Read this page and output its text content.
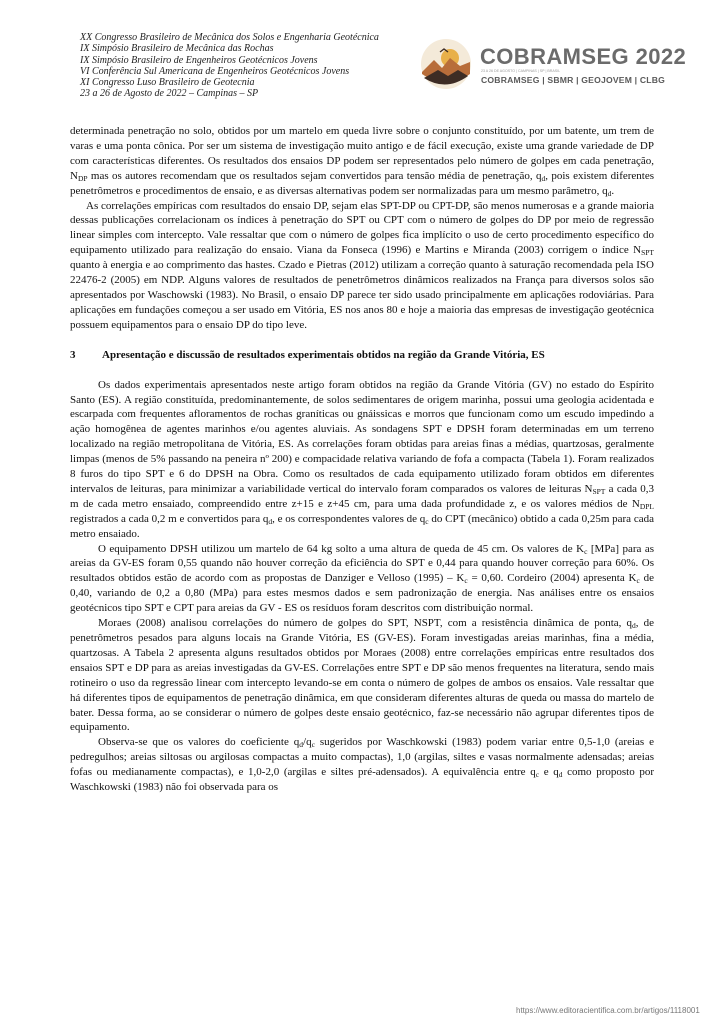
XX Congresso Brasileiro de Mecânica dos Solos e Engenharia Geotécnica
IX Simpósio Brasileiro de Mecânica das Rochas
IX Simpósio Brasileiro de Engenheiros Geotécnicos Jovens
VI Conferência Sul Americana de Engenheiros Geotécnicos Jovens
XI Congresso Luso Brasileiro de Geotecnia
23 a 26 de Agosto de 2022 – Campinas – SP
COBRAMSEG 2022
23 A 26 DE AGOSTO | CAMPINAS | SP | BRASIL
COBRAMSEG | SBMR | GEOJOVEM | CLBG

determinada penetração no solo, obtidos por um martelo em queda livre sobre o conjunto constituído, por um batente, um trem de varas e uma ponta cônica. Por ser um sistema de investigação muito antigo e de fácil execução, existe uma grande variedade de DP com características diferentes. Os resultados dos ensaios DP podem ser representados pelo número de golpes em cada penetração, $N_{DP}$ mas os autores recomendam que os resultados sejam convertidos para tensão média de penetração, $q_d$, pois existem diferentes penetrômetros e procedimentos de ensaio, e as diversas alternativas podem ser normalizadas para um mesmo parâmetro, $q_d$.

As correlações empíricas com resultados do ensaio DP, sejam elas SPT-DP ou CPT-DP, são menos numerosas e a grande maioria dessas publicações correlacionam os índices à penetração do SPT ou CPT com o número de golpes do DP por meio de regressão linear simples com intercepto. Vale ressaltar que com o número de golpes fica implícito o uso de certo procedimento específico do equipamento utilizado para realização do ensaio. Viana da Fonseca (1996) e Martins e Miranda (2003) corrigem o índice $N_{SPT}$ quanto à energia e ao comprimento das hastes. Czado e Pietras (2012) utilizam a correção quanto à saturação recomendada pela ISO 22476-2 (2005) em NDP. Alguns valores de resultados de penetrômetros dinâmicos realizados na França para diversos solos são apresentados por Waschowski (1983). No Brasil, o ensaio DP parece ter sido usado principalmente em aplicações rodoviárias. Para aplicações em fundações começou a ser usado em Vitória, ES nos anos 80 e hoje a maioria das empresas de investigação geotécnica possuem equipamentos para o ensaio DP do tipo leve.

3 Apresentação e discussão de resultados experimentais obtidos na região da Grande Vitória, ES

Os dados experimentais apresentados neste artigo foram obtidos na região da Grande Vitória (GV) no estado do Espírito Santo (ES). A região constituída, predominantemente, de solos sedimentares de origem marinha, possui uma geologia acidentada e escarpada com frequentes afloramentos de rochas graníticas ou gnáissicas e morros que funcionam como um escudo impedindo a ação homogênea de agentes marinhos e/ou agentes aluviais. As sondagens SPT e DPSH foram determinadas em um terreno localizado na região metropolitana de Vitória, ES. As correlações foram obtidas para areias finas a médias, quartzosas, geralmente limpas (menos de 5% passando na peneira nº 200) e compacidade relativa variando de fofa a compacta (Tabela 1). Foram realizados 8 furos do tipo SPT e 6 do DPSH na Obra. Como os resultados de cada equipamento utilizado foram obtidos em diferentes intervalos de leituras, para minimizar a variabilidade vertical do intervalo foram comparados os valores de leituras $N_{SPT}$ a cada 0,3 m de cada metro ensaiado, compreendido entre z+15 e z+45 cm, para uma dada profundidade z, e os valores médios de $N_{DPL}$ registrados a cada 0,2 m e convertidos para $q_d$, e os correspondentes valores de $q_c$ do CPT (mecânico) obtido a cada 0,25m para cada metro ensaiado.

O equipamento DPSH utilizou um martelo de 64 kg solto a uma altura de queda de 45 cm. Os valores de $K_c$ [MPa] para as areias da GV-ES foram 0,55 quando não houver correção da eficiência do SPT e 0,44 para quando houver correção para 60%. Os resultados obtidos estão de acordo com as propostas de Danziger e Velloso $(1995) - K_c = 0,60$. Cordeiro (2004) apresenta $K_c$ de 0,40, variando de 0,2 a 0,80 (MPa) para estes mesmos dados e sem padronização de energia. Nas análises entre os ensaios geotécnicos tipo SPT e CPT para areias da GV - ES os resíduos foram descritos com distribuição normal.

Moraes (2008) analisou correlações do número de golpes do SPT, NSPT, com a resistência dinâmica de ponta, $q_d$, de penetrômetros pesados para alguns locais na Grande Vitória, ES (GV-ES). Foram investigadas areias marinhas, fina a média, quartzosas. A Tabela 2 apresenta alguns resultados obtidos por Moraes (2008) entre correlações empíricas entre resultados dos ensaios SPT e DP para as areias investigadas da GV-ES. Correlações entre SPT e DP são menos frequentes na literatura, sendo mais rotineiro o uso da regressão linear com intercepto levando-se em conta o número de golpes de ambos os ensaios. Vale ressaltar que há diferentes tipos de equipamentos de penetração dinâmica, em que consideram diferentes alturas de queda ou massa do martelo de bater. Dessa forma, ao se considerar o número de golpes deste ensaio geotécnico, faz-se necessário não agrupar diferentes tipos de equipamento.

Observa-se que os valores do coeficiente $q_d/q_c$ sugeridos por Waschkowski (1983) podem variar entre 0,5-1,0 (areias e pedregulhos; areias siltosas ou argilosas compactas a muito compactas), 1,0 (argilas, siltes e vasas normalmente adensadas; areias fofas ou medianamente compactas), e 1,0-2,0 (argilas e siltes pré-adensados). A equivalência entre $q_c$ e $q_d$ como proposto por Waschkowski (1983) não foi observada para os

https://www.editoracientifica.com.br/artigos/1118001
